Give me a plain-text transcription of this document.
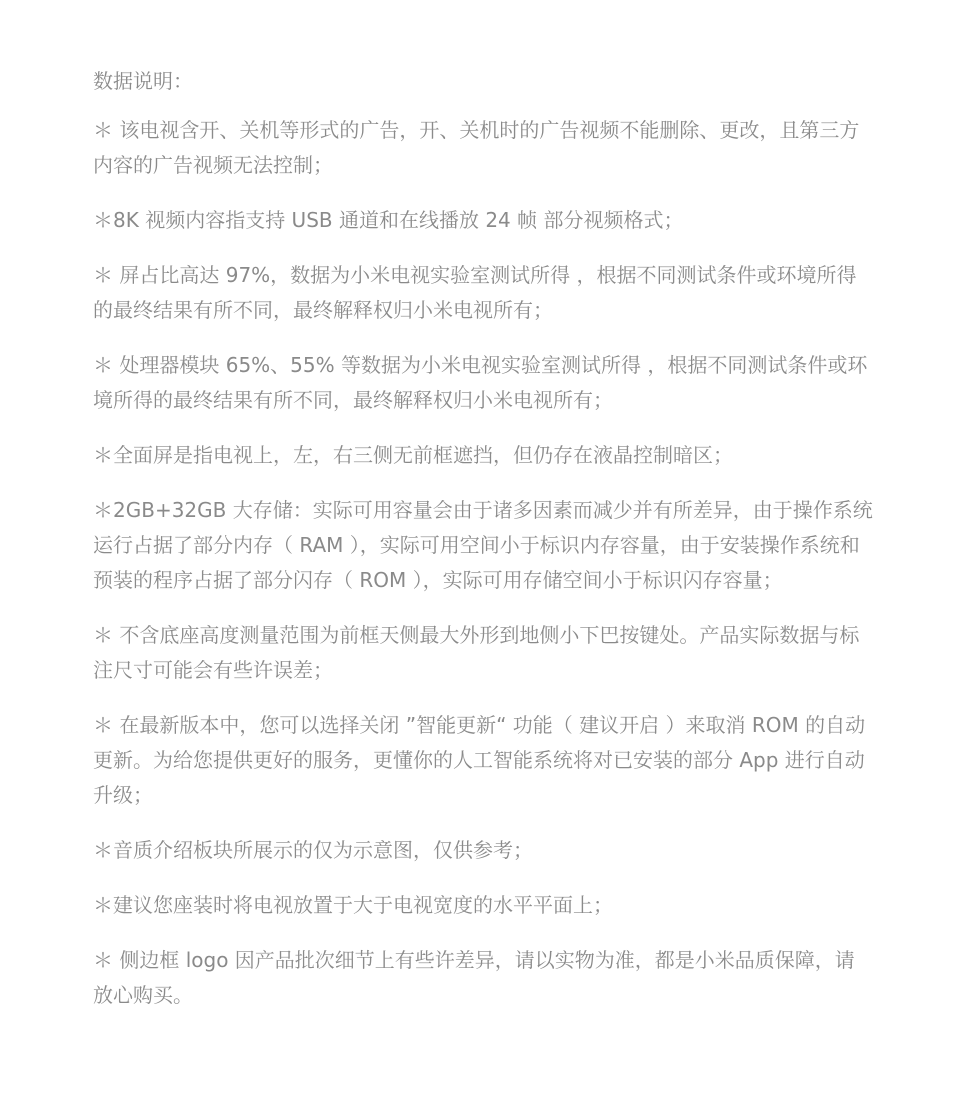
数据说明：

＊ 该电视含开、关机等形式的广告，开、关机时的广告视频不能删除、更改，且第三方内容的广告视频无法控制；

＊8K 视频内容指支持 USB 通道和在线播放 24 帧 部分视频格式；

＊ 屏占比高达 97%，数据为小米电视实验室测试所得 ，根据不同测试条件或环境所得的最终结果有所不同，最终解释权归小米电视所有；

＊ 处理器模块 65%、55% 等数据为小米电视实验室测试所得 ，根据不同测试条件或环境所得的最终结果有所不同，最终解释权归小米电视所有；

＊全面屏是指电视上，左，右三侧无前框遮挡，但仍存在液晶控制暗区；

＊2GB+32GB 大存储：实际可用容量会由于诸多因素而减少并有所差异，由于操作系统运行占据了部分内存（ RAM ），实际可用空间小于标识内存容量，由于安装操作系统和预装的程序占据了部分闪存（ ROM ），实际可用存储空间小于标识闪存容量；

＊ 不含底座高度测量范围为前框天侧最大外形到地侧小下巴按键处。产品实际数据与标注尺寸可能会有些许误差；

＊ 在最新版本中，您可以选择关闭 ”智能更新“ 功能（ 建议开启 ）来取消 ROM 的自动更新。为给您提供更好的服务，更懂你的人工智能系统将对已安装的部分 App 进行自动升级；

＊音质介绍板块所展示的仅为示意图，仅供参考；

＊建议您座装时将电视放置于大于电视宽度的水平平面上；

＊ 侧边框 logo 因产品批次细节上有些许差异，请以实物为准，都是小米品质保障，请放心购买。
